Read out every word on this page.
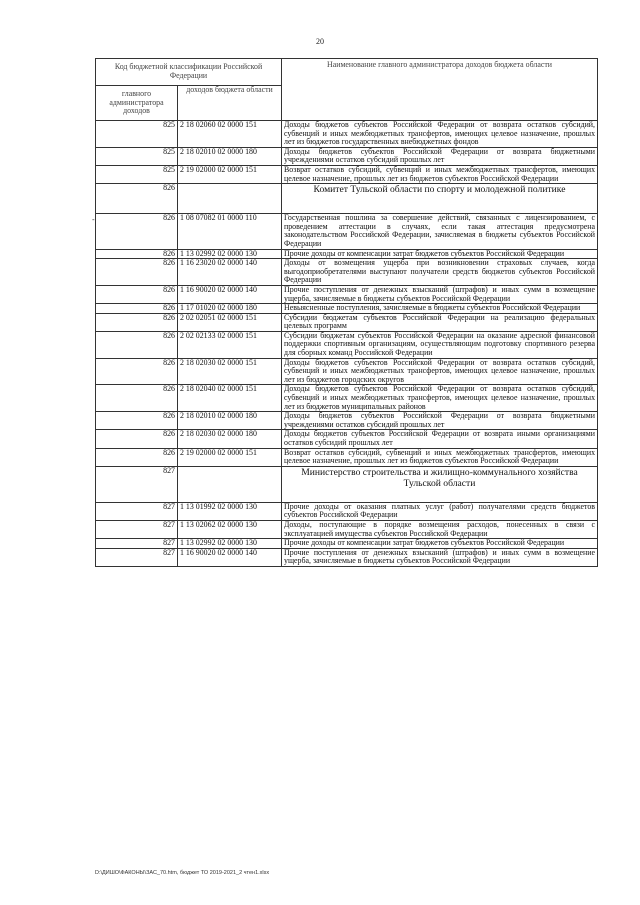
20
-
Код бюджетной классификации Российской Федерации		Наименование главного администратора доходов бюджета области
главного администратора доходов	доходов бюджета области	
825	2 18 02060 02 0000 151	Доходы бюджетов субъектов Российской Федерации от возврата остатков субсидий, субвенций и иных межбюджетных трансфертов, имеющих целевое назначение, прошлых лет из бюджетов государственных внебюджетных фондов
825	2 18 02010 02 0000 180	Доходы бюджетов субъектов Российской Федерации от возврата бюджетными учреждениями остатков субсидий прошлых лет
825	2 19 02000 02 0000 151	Возврат остатков субсидий, субвенций и иных межбюджетных трансфертов, имеющих целевое назначение, прошлых лет из бюджетов субъектов Российской Федерации
826		Комитет Тульской области по спорту и молодежной политике
826	1 08 07082 01 0000 110	Государственная пошлина за совершение действий, связанных с лицензированием, с проведением аттестации в случаях, если такая аттестация предусмотрена законодательством Российской Федерации, зачисляемая в бюджеты субъектов Российской Федерации
826	1 13 02992 02 0000 130	Прочие доходы от компенсации затрат бюджетов субъектов Российской Федерации
826	1 16 23020 02 0000 140	Доходы от возмещения ущерба при возникновении страховых случаев, когда выгодоприобретателями выступают получатели средств бюджетов субъектов Российской Федерации
826	1 16 90020 02 0000 140	Прочие поступления от денежных взысканий (штрафов) и иных сумм в возмещение ущерба, зачисляемые в бюджеты субъектов Российской Федерации
826	1 17 01020 02 0000 180	Невыясненные поступления, зачисляемые в бюджеты субъектов Российской Федерации
826	2 02 02051 02 0000 151	Субсидии бюджетам субъектов Российской Федерации на реализацию федеральных целевых программ
826	2 02 02133 02 0000 151	Субсидии бюджетам субъектов Российской Федерации на оказание адресной финансовой поддержки спортивным организациям, осуществляющим подготовку спортивного резерва для сборных команд Российской Федерации
826	2 18 02030 02 0000 151	Доходы бюджетов субъектов Российской Федерации от возврата остатков субсидий, субвенций и иных межбюджетных трансфертов, имеющих целевое назначение, прошлых лет из бюджетов городских округов
826	2 18 02040 02 0000 151	Доходы бюджетов субъектов Российской Федерации от возврата остатков субсидий, субвенций и иных межбюджетных трансфертов, имеющих целевое назначение, прошлых лет из бюджетов муниципальных районов
826	2 18 02010 02 0000 180	Доходы бюджетов субъектов Российской Федерации от возврата бюджетными учреждениями остатков субсидий прошлых лет
826	2 18 02030 02 0000 180	Доходы бюджетов субъектов Российской Федерации от возврата иными организациями остатков субсидий прошлых лет
826	2 19 02000 02 0000 151	Возврат остатков субсидий, субвенций и иных межбюджетных трансфертов, имеющих целевое назначение, прошлых лет из бюджетов субъектов Российской Федерации
827		Министерство строительства и жилищно-коммунального хозяйства Тульской области
827	1 13 01992 02 0000 130	Прочие доходы от оказания платных услуг (работ) получателями средств бюджетов субъектов Российской Федерации
827	1 13 02062 02 0000 130	Доходы, поступающие в порядке возмещения расходов, понесенных в связи с эксплуатацией имущества субъектов Российской Федерации
827	1 13 02992 02 0000 130	Прочие доходы от компенсации затрат бюджетов субъектов Российской Федерации
827	1 16 90020 02 0000 140	Прочие поступления от денежных взысканий (штрафов) и иных сумм в возмещение ущерба, зачисляемые в бюджеты субъектов Российской Федерации
D:\ДИШО\ФАКОНЫ\ЗАС_70.htm, бюджет ТО 2019-2021_2 чтен1.xlsx
